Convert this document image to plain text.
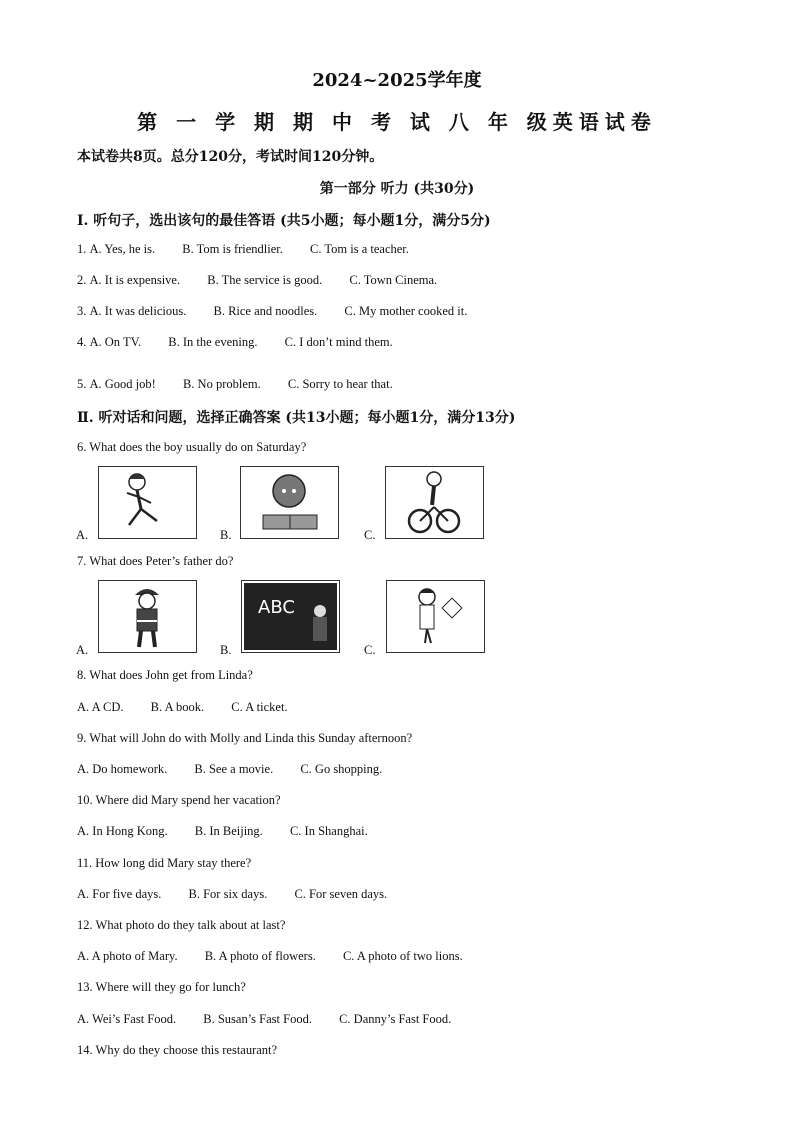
2024~2025学年度
第 一 学 期 期 中 考 试 八 年 级英语试卷
本试卷共8页。总分120分，考试时间120分钟。
第一部分 听力 (共30分)
Ⅰ. 听句子，选出该句的最佳答语 (共5小题；每小题1分，满分5分)
1. A. Yes, he is. B. Tom is friendlier. C. Tom is a teacher.
2. A. It is expensive. B. The service is good. C. Town Cinema.
3. A. It was delicious. B. Rice and noodles. C. My mother cooked it.
4. A. On TV. B. In the evening. C. I don’t mind them.
5. A. Good job! B. No problem. C. Sorry to hear that.
Ⅱ. 听对话和问题，选择正确答案 (共13小题；每小题1分，满分13分)
6. What does the boy usually do on Saturday?
A.	B.	C.
7. What does Peter’s father do?
ABC
A.	B.	C.
8. What does John get from Linda?
A. A CD. B. A book. C. A ticket.
9. What will John do with Molly and Linda this Sunday afternoon?
A. Do homework. B. See a movie. C. Go shopping.
10. Where did Mary spend her vacation?
A. In Hong Kong. B. In Beijing. C. In Shanghai.
11. How long did Mary stay there?
A. For five days. B. For six days. C. For seven days.
12. What photo do they talk about at last?
A. A photo of Mary. B. A photo of flowers. C. A photo of two lions.
13. Where will they go for lunch?
A. Wei’s Fast Food. B. Susan’s Fast Food. C. Danny’s Fast Food.
14. Why do they choose this restaurant?
